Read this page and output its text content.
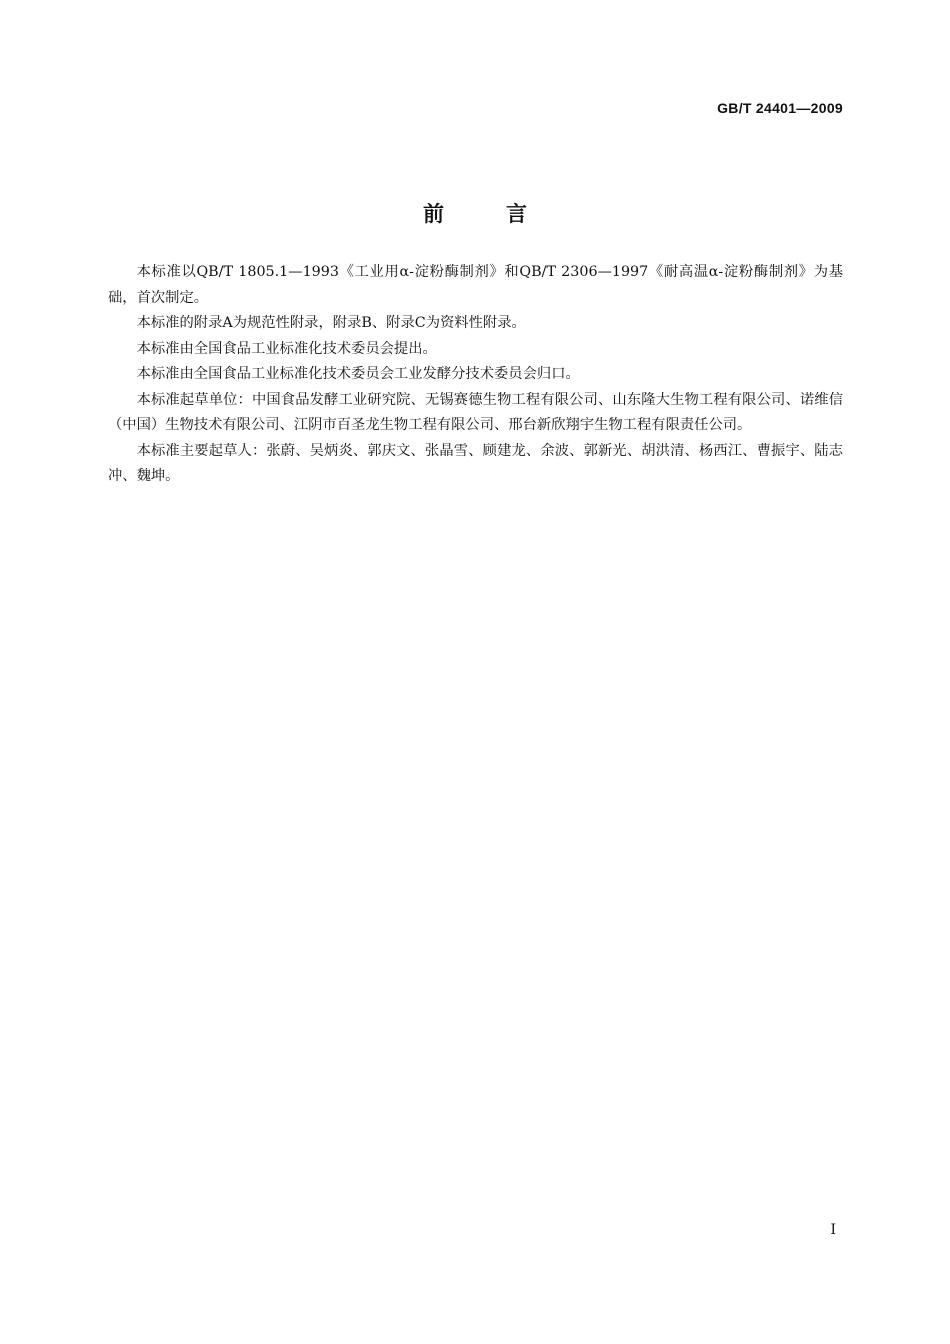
GB/T 24401—2009
前言

本标准以QB/T 1805.1—1993《工业用α-淀粉酶制剂》和QB/T 2306—1997《耐高温α-淀粉酶制剂》为基础，首次制定。

本标准的附录A为规范性附录，附录B、附录C为资料性附录。

本标准由全国食品工业标准化技术委员会提出。

本标准由全国食品工业标准化技术委员会工业发酵分技术委员会归口。

本标准起草单位：中国食品发酵工业研究院、无锡赛德生物工程有限公司、山东隆大生物工程有限公司、诺维信（中国）生物技术有限公司、江阴市百圣龙生物工程有限公司、邢台新欣翔宇生物工程有限责任公司。

本标准主要起草人：张蔚、吴炳炎、郭庆文、张晶雪、顾建龙、余波、郭新光、胡洪清、杨西江、曹振宇、陆志冲、魏坤。

I
